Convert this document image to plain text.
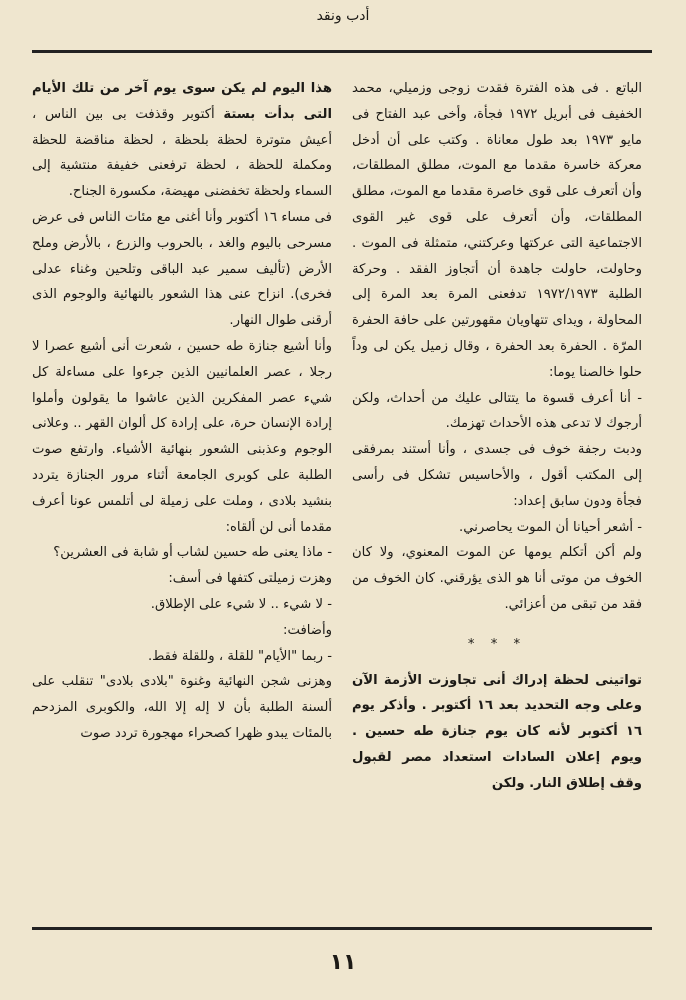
أدب ونقد

الباتع . فى هذه الفترة فقدت زوجى وزميلي، محمد الخفيف فى أبريل ١٩٧٢ فجأة، وأخى عبد الفتاح فى مايو ١٩٧٣ بعد طول معاناة . وكتب على أن أدخل معركة خاسرة مقدما مع الموت، مطلق المطلقات، وأن أتعرف على قوى خاصرة مقدما مع الموت، مطلق المطلقات، وأن أتعرف على قوى غير القوى الاجتماعية التى عركتها وعركتني، متمثلة فى الموت . وحاولت، حاولت جاهدة أن أتجاوز الفقد . وحركة الطلبة ١٩٧٢/١٩٧٣ تدفعنى المرة بعد المرة إلى المحاولة ، ويداى تتهاويان مقهورتين على حافة الحفرة المرّة . الحفرة بعد الحفرة ، وقال زميل يكن لى وداً حلوا خالصنا يوما:

- أنا أعرف قسوة ما يتتالى عليك من أحداث، ولكن أرجوك لا تدعى هذه الأحداث تهزمك.

ودبت رجفة خوف فى جسدى ، وأنا أستند بمرفقى إلى المكتب أقول ، والأحاسيس تشكل فى رأسى فجأة ودون سابق إعداد:

- أشعر أحيانا أن الموت يحاصرني.

ولم أكن أتكلم يومها عن الموت المعنوي، ولا كان الخوف من موتى أنا هو الذى يؤرقني. كان الخوف من فقد من تبقى من أعزائي.

* * *

تواتينى لحظة إدراك أنى تجاوزت الأزمة الآن وعلى وجه التحديد بعد ١٦ أكتوبر . وأذكر يوم ١٦ أكتوبر لأنه كان يوم جنازة طه حسين . ويوم إعلان السادات استعداد مصر لقبول وقف إطلاق النار. ولكن

هذا اليوم لم يكن سوى يوم آخر من تلك الأيام التى بدأت بستة أكتوبر وقذفت بى بين الناس ، أعيش متوترة لحظة بلحظة ، لحظة مناقضة للحظة ومكملة للحظة ، لحظة ترفعنى خفيفة منتشية إلى السماء ولحظة تخفضنى مهيضة، مكسورة الجناح.

فى مساء ١٦ أكتوبر وأنا أغنى مع مئات الناس فى عرض مسرحى باليوم والغد ، بالحروب والزرع ، بالأرض وملح الأرض (تأليف سمير عبد الباقى وتلحين وغناء عدلى فخرى). انزاح عنى هذا الشعور بالنهائية والوجوم الذى أرقنى طوال النهار.

وأنا أشيع جنازة طه حسين ، شعرت أنى أشيع عصرا لا رجلا ، عصر العلمانيين الذين جرءوا على مساءلة كل شيء عصر المفكرين الذين عاشوا ما يقولون وأملوا إرادة الإنسان حرة، على إرادة كل ألوان القهر .. وعلانى الوجوم وعذبنى الشعور بنهائية الأشياء. وارتفع صوت الطلبة على كوبرى الجامعة أثناء مرور الجنازة يتردد بنشيد بلادى ، وملت على زميلة لى أتلمس عونا أعرف مقدما أنى لن ألقاه:

- ماذا يعنى طه حسين لشاب أو شابة فى العشرين؟

وهزت زميلتى كتفها فى أسف:

- لا شيء .. لا شيء على الإطلاق.

وأضافت:

- ربما "الأيام" للقلة ، وللقلة فقط.

وهزنى شجن النهائية وغنوة "بلادى بلادى" تنقلب على ألسنة الطلبة بأن لا إله إلا الله، والكوبرى المزدحم بالمئات يبدو ظهرا كصحراء مهجورة تردد صوت

١١
